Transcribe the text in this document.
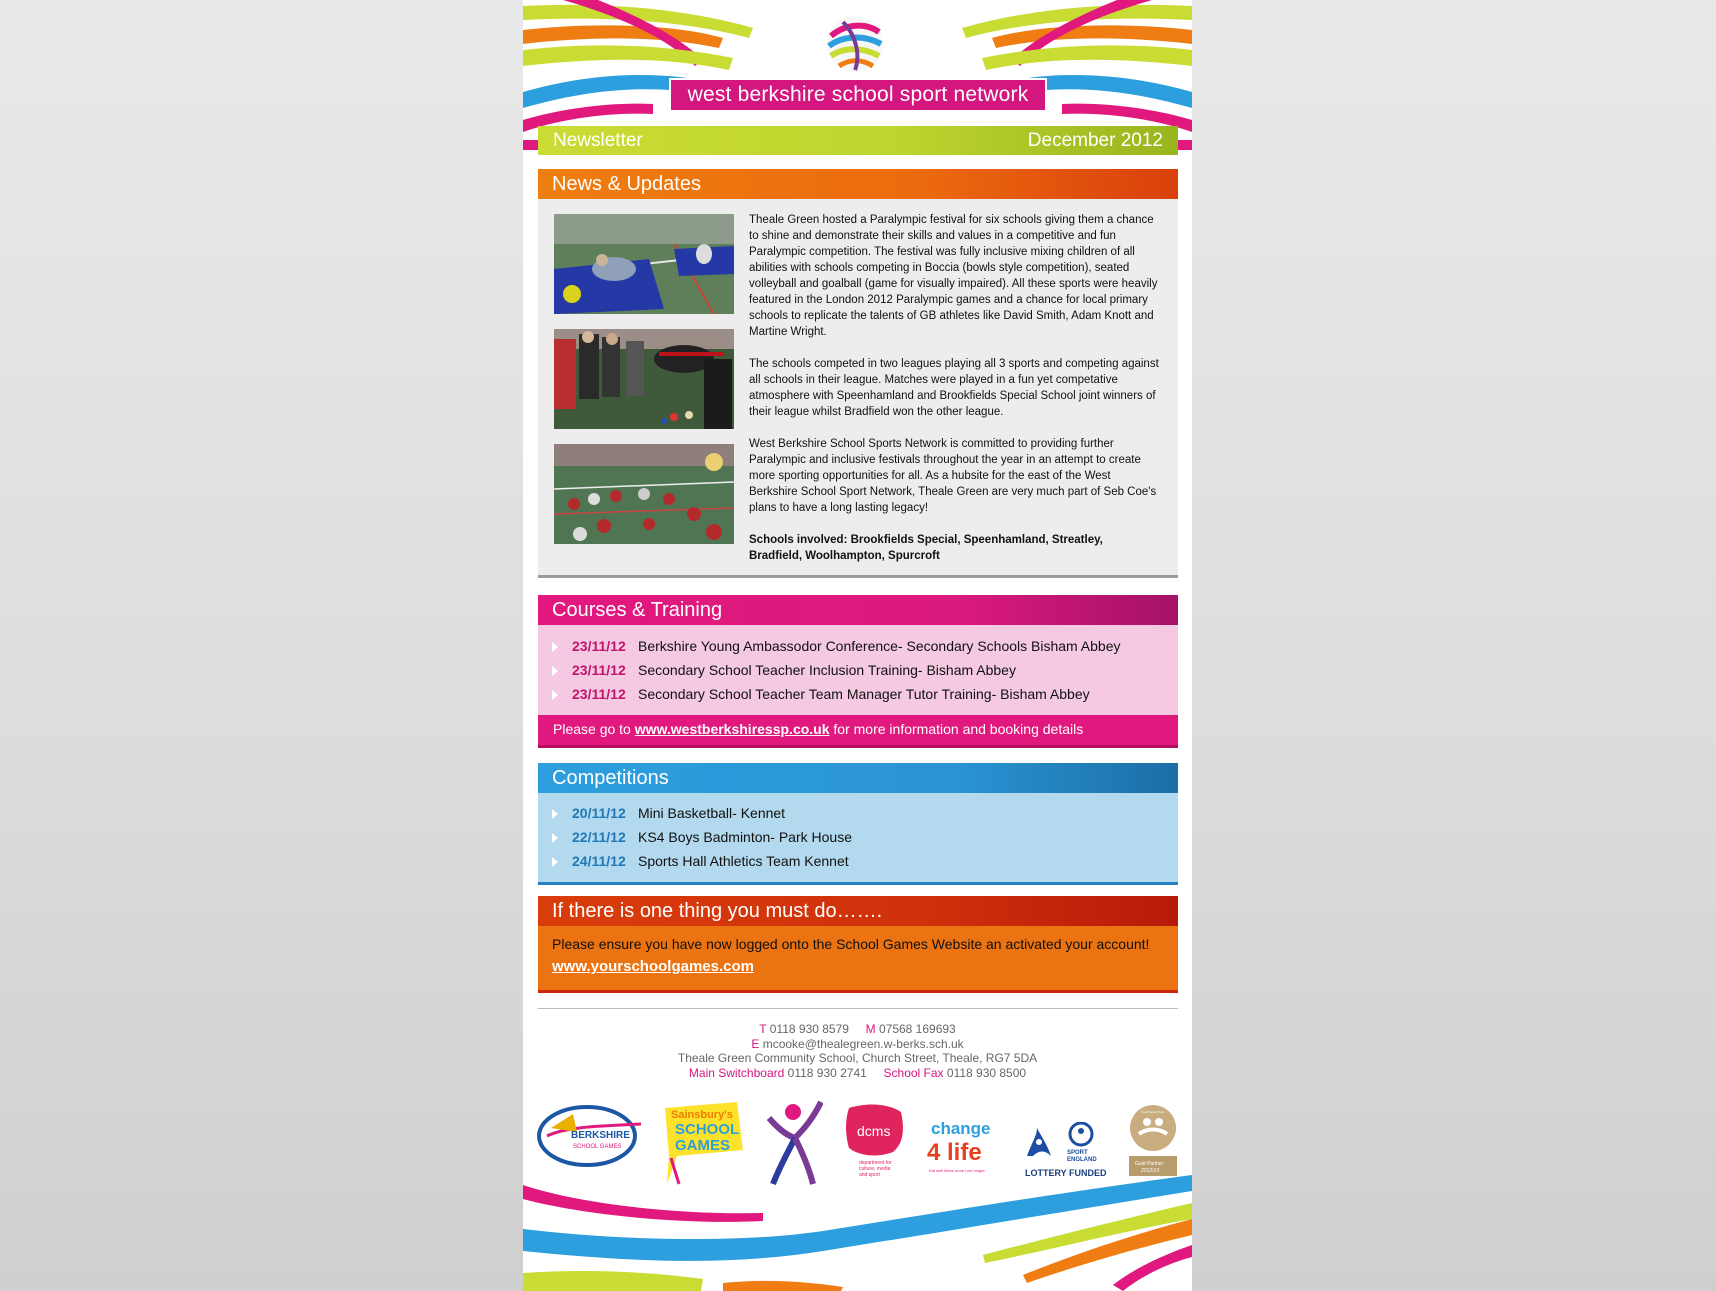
west berkshire school sport network
Newsletter	December 2012
News & Updates

Theale Green hosted a Paralympic festival for six schools giving them a chance to shine and demonstrate their skills and values in a competitive and fun Paralympic competition. The festival was fully inclusive mixing children of all abilities with schools competing in Boccia (bowls style competition), seated volleyball and goalball (game for visually impaired). All these sports were heavily featured in the London 2012 Paralympic games and a chance for local primary schools to replicate the talents of GB athletes like David Smith, Adam Knott and Martine Wright.

The schools competed in two leagues playing all 3 sports and competing against all schools in their league. Matches were played in a fun yet competative atmosphere with Speenhamland and Brookfields Special School joint winners of their league whilst Bradfield won the other league.

West Berkshire School Sports Network is committed to providing further Paralympic and inclusive festivals throughout the year in an attempt to create more sporting opportunities for all. As a hubsite for the east of the West Berkshire School Sport Network, Theale Green are very much part of Seb Coe's plans to have a long lasting legacy!

Schools involved: Brookfields Special, Speenhamland, Streatley, Bradfield, Woolhampton, Spurcroft

Courses & Training
23/11/12 Berkshire Young Ambassodor Conference- Secondary Schools Bisham Abbey
23/11/12 Secondary School Teacher Inclusion Training- Bisham Abbey
23/11/12 Secondary School Teacher Team Manager Tutor Training- Bisham Abbey
Please go to www.westberkshiressp.co.uk for more information and booking details
Competitions
20/11/12 Mini Basketball- Kennet
22/11/12 KS4 Boys Badminton- Park House
24/11/12 Sports Hall Athletics Team Kennet
If there is one thing you must do…….
Please ensure you have now logged onto the School Games Website an activated your account!
www.yourschoolgames.com
T 0118 930 8579 M 07568 169693
E mcooke@thealegreen.w-berks.sch.uk
Theale Green Community School, Church Street, Theale, RG7 5DA
Main Switchboard 0118 930 2741 School Fax 0118 930 8500
BERKSHIRE
SCHOOL GAMES
Sainsbury's
SCHOOL
GAMES
dcms
department for
culture, media
and sport
change
4 life
Eat well Move more Live longer
SPORT
ENGLAND
LOTTERY FUNDED
Youth Sport Trust
Gold Partner
2012/13
